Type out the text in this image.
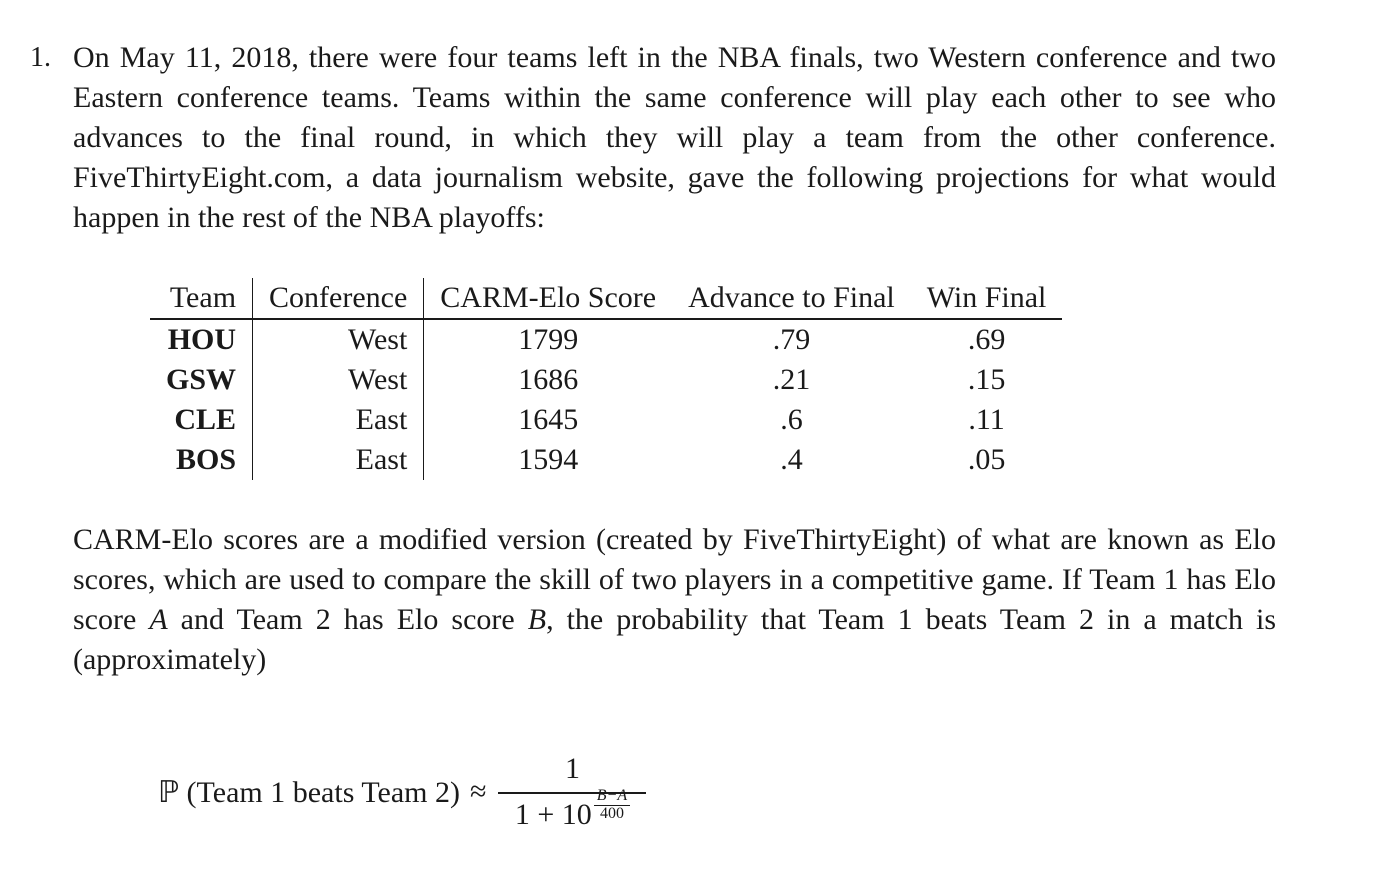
1. On May 11, 2018, there were four teams left in the NBA finals, two Western conference and two Eastern conference teams. Teams within the same conference will play each other to see who advances to the final round, in which they will play a team from the other conference. FiveThirtyEight.com, a data journalism website, gave the following projections for what would happen in the rest of the NBA playoffs:
Team	Conference	CARM-Elo Score	Advance to Final	Win Final
HOU	West	1799	.79	.69
GSW	West	1686	.21	.15
CLE	East	1645	.6	.11
BOS	East	1594	.4	.05
CARM-Elo scores are a modified version (created by FiveThirtyEight) of what are known as Elo scores, which are used to compare the skill of two players in a competitive game. If Team 1 has Elo score A and Team 2 has Elo score B, the probability that Team 1 beats Team 2 in a match is (approximately)
ℙ (Team 1 beats Team $2) \approx \frac{1}{1 + 10 \frac{B-A}{400}}$
